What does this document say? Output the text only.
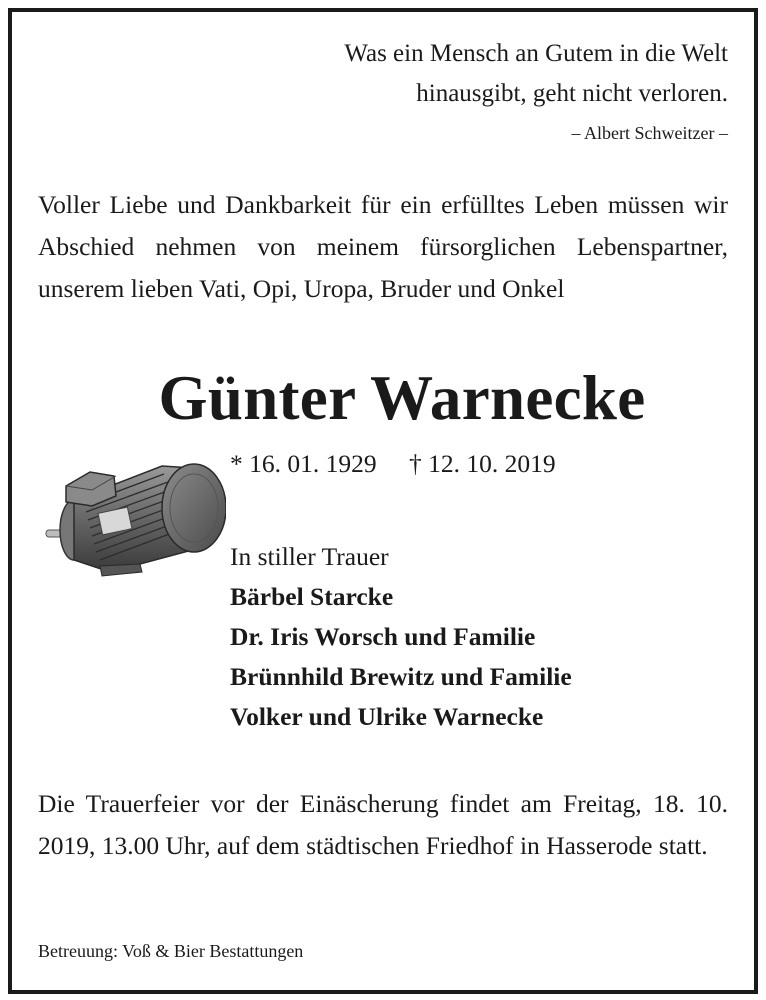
Was ein Mensch an Gutem in die Welt
hinausgibt, geht nicht verloren.
– Albert Schweitzer –
Voller Liebe und Dankbarkeit für ein erfülltes Leben müssen wir Abschied nehmen von meinem fürsorglichen Lebenspartner, unserem lieben Vati, Opi, Uropa, Bruder und Onkel
Günter Warnecke
* 16. 01. 1929 † 12. 10. 2019
In stiller Trauer
Bärbel Starcke
Dr. Iris Worsch und Familie
Brünnhild Brewitz und Familie
Volker und Ulrike Warnecke
Die Trauerfeier vor der Einäscherung findet am Freitag, 18. 10. 2019, 13.00 Uhr, auf dem städtischen Friedhof in Hasserode statt.
Betreuung: Voß & Bier Bestattungen
